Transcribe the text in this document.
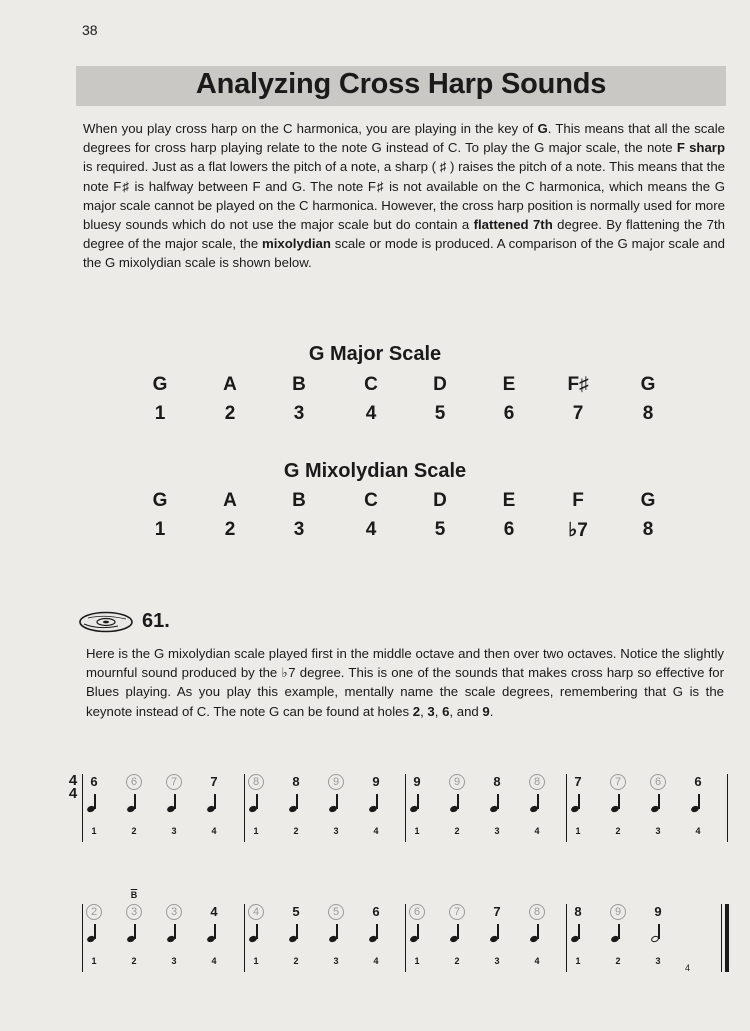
38
Analyzing Cross Harp Sounds

When you play cross harp on the C harmonica, you are playing in the key of G. This means that all the scale degrees for cross harp playing relate to the note G instead of C. To play the G major scale, the note F sharp is required. Just as a flat lowers the pitch of a note, a sharp ( ♯ ) raises the pitch of a note. This means that the note F♯ is halfway between F and G. The note F♯ is not available on the C harmonica, which means the G major scale cannot be played on the C harmonica. However, the cross harp position is normally used for more bluesy sounds which do not use the major scale but do contain a flattened 7th degree. By flattening the 7th degree of the major scale, the mixolydian scale or mode is produced. A comparison of the G major scale and the G mixolydian scale is shown below.

G Major Scale
G	A	B	C	D	E	F♯	G
1	2	3	4	5	6	7	8
G Mixolydian Scale
G	A	B	C	D	E	F	G
1	2	3	4	5	6	♭7	8
61.

Here is the G mixolydian scale played first in the middle octave and then over two octaves. Notice the slightly mournful sound produced by the ♭7 degree. This is one of the sounds that makes cross harp so effective for Blues playing. As you play this example, mentally name the scale degrees, remembering that G is the keynote instead of C. The note G can be found at holes 2, 3, 6, and 9.

4
4
6
1
6
2
7
3
7
4
8
1
8
2
9
3
9
4
9
1
9
2
8
3
8
4
7
1
7
2
6
3
6
4
2
1
$\overline{B}$
3
2
3
3
4
4
4
1
5
2
5
3
6
4
6
1
7
2
7
3
8
4
8
1
9
2
9
3
4
